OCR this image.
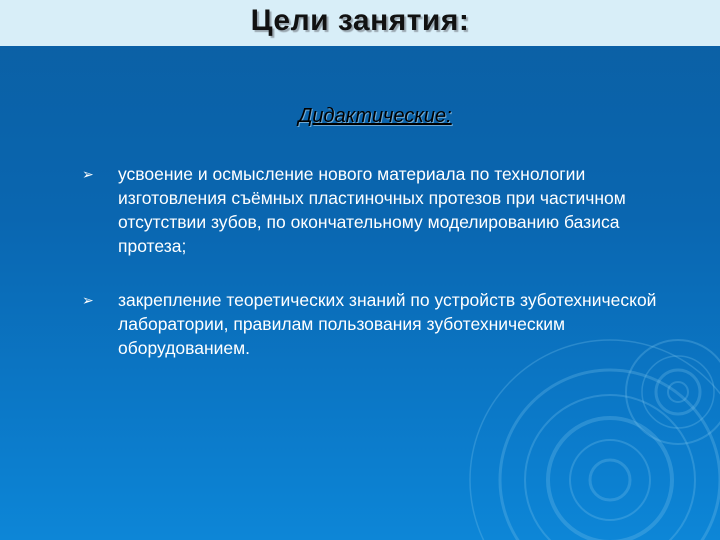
Цели занятия:
Дидактические:
➢ усвоение и осмысление нового материала по технологии изготовления съёмных пластиночных протезов при частичном отсутствии зубов, по окончательному моделированию базиса протеза;
➢ закрепление теоретических знаний по устройств зуботехнической лаборатории, правилам пользования зуботехническим оборудованием.
